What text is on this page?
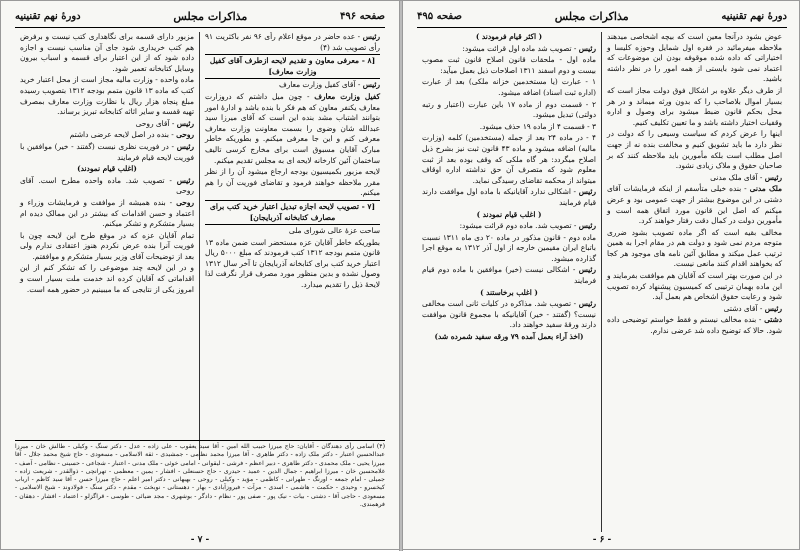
صفحه ۴۹۶
مذاکرات مجلس
دورهٔ نهم تقنینیه

رئیس - عده حاضر در موقع اعلام رأی ۹۶ نفر باکثریت ۹۱ رأی تصویب شد (۴)

[۸ - معرفی معاون و تقدیم لایحه ازطرف آقای کفیل وزارت معارف]

رئیس - آقای کفیل وزارت معارف

کفیل وزارت معارف - چون میل داشتم که دروزارت معارف یکنفر معاون که هم فکر با بنده باشد و ادارهٔ امور بتوانند اشتباب مشد بنده این است که آقای میرزا سید عبدالله شان وضوی را بسمت معاونت وزارت معارف معرفی کنم و این جا معرفی میکنم. و بطوریکه خاطر مبارک آقایان مسبوق است برای مخارج کرسی تالیف ساختمان آئین کارخانه لایحه ای به مجلس تقدیم میکنم.

لایحه مزبور بکمیسیون بودجه ارجاع میشود آن را از نظر مقرر ملاحظه خواهند فرمود و تقاضای فوریت آن را هم میکنم.

[۷ - تصویب لایحه اجازه تبدیل اعتبار خرید کتب برای مصارف کتابخانه آذربایجان]

ساحت عزهٔ عالی شورای ملی

بطوریکه خاطر آقایان عزه مستحضر است ضمن ماده ۱۳ قانون متمم بودجه ۱۳۱۲ کتب فرمودند که مبلغ ۵۰۰۰ ریال اعتبار خرید کتب برای کتابخانه آذربایجان تا آخر سال ۱۳۱۲ وصول نشده و بدین منظور مورد مصرف قرار نگرفت لذا لایحهٔ ذیل را تقدیم میدارد.

مزبور دارای قسمه برای نگاهداری کتب نیست و برفرض هم کتب خریداری شود جای آن مناسب نیست و اجازه داده شود که از این اعتبار برای قسمه و اسباب بیرون وسایل کتابخانه تعمیر شود.

ماده واحده - وزارت مالیه مجاز است از محل اعتبار خرید کتب که ماده ۱۳ قانون متمم بودجه ۱۳۱۲ بتصویب رسیده مبلغ پنجاه هزار ریال با نظارت وزارت معارف بمصرف تهیه قفسه و سایر اثاثه کتابخانه تبریز برساند.

رئیس - آقای روحی

روحی - بنده در اصل لایحه عرضی داشتم

رئیس - در فوریت نظری نیست (گفتند - خیر) موافقین با فوریت لایحه قیام فرمایند

(اغلب قیام نمودند)

رئیس - تصویب شد. ماده واحده مطرح است. آقای روحی

روحی - بنده همیشه از موافقت و فرمایشات وزراء و اعتماد و حسن اقدامات که بیشتر در این ممالک دیده ام بسیار متشکرم و تشکر میکنم.

تمام آقایان عزه که در موقع طرح این لایحه چون با فوریت آنرا بنده عرض نکردم هنوز اعتقادی ندارم ولی بعد از توضیحات آقای وزیر بسیار متشکرم و موافقتم.

و در این لایحه چند موضوعی را که تشکر کنم از این اقداماتی که آقایان کرده اند خدمت ملت بسیار است و امروز یکی از نتایجی که ما میبینیم در حضور همه است.

(۴) اسامی رأی دهندگان - آقایان: حاج میرزا حبیب الله امین - آقا سید یعقوب - علی زاده - عدل - دکتر سنگ - وکیلی - طالش خان - میرزا عبدالحسین اعتبار - دکتر ملک زاده - دکتر طاهری - آقا میرزا محمد نظامی - جمشیدی - ثقة الاسلامی - مسعودی - حاج شیخ محمد جلال - آقا میرزا یحیی - ملک محمدی - دکتر طاهری - دبیر اعظم - فرشی - لیقوانی - امامی خوئی - ملک مدنی - اعتبار - شجاعی - حسینی - نظامی - آصف - غلامحسین خان - میرزا ابراهیم - جمال الدین - عمید - حیدری - حاج حسنعلی - افشار - یمین - معظمی - تهرانچی - ذوالقدر - شریعت زاده - جمیلی - امام جمعه - اورنگ - طهرانی - کاظمی - مؤید - وکیلی - روحی - بهبهانی - دکتر امیر اعلم - حاج میرزا حسن - آقا سید کاظم - ارباب کیخسرو - وحیدی - حکمت - هاشمی - اسدی - مرآت - فیروزآبادی - بهار - دهستانی - نوبخت - مقدم - دکتر سنگ - فولادوند - شیخ الاسلامی - مسعودی - حاجی آقا - دشتی - بیات - نیک پور - صفی پور - نظام - دادگر - بوشهری - مجد ضیائی - طوسی - قراگزلو - اعتماد - افشار - دهقان - فرهمندی.
- ۷ -
دورهٔ نهم تقنینیه
مذاکرات مجلس
صفحه ۴۹۵

عوض بشود درآنجا معین است که بیچه اشخاصی میدهند ملاحظه میفرمائید در فقره اول شمایل وحوزه کلیسا و اختیاراتی که داده شده موقوفه بودن این موضوعات که اعتماد نمی شود بایستی از همه امور را در نظر داشته باشید.

از طرف دیگر علاوه بر اشکال فوق دولت مجاز است که بسیار اموال بلاصاحب را که بدون ورثه میماند و در هر محل بحکم قانون ضبط میشود برای وصول و اداره وقفیات اختیار داشته باشد و ما تعیین تکلیف کنیم.

اینها را عرض کردم که سیاست وسیعی را که دولت در نظر دارد ما باید تشویق کنیم و مخالفت بنده نه از جهت اصل مطلب است بلکه مأمورین باید ملاحظه کنند که بر صاحبان حقوق و ملاک زیادی نشود.

رئیس - آقای ملک مدنی

ملک مدنی - بنده خیلی متأسفم از اینکه فرمایشات آقای دشتی در این موضوع بیشتر از جهت عمومی بود و عرض میکنم که اصل این قانون مورد اتفاق همه است و مأمورین دولت در کمال دقت رفتار خواهند کرد.

مخالف بقیه است که اگر ماده تصویب بشود ضرری متوجه مردم نمی شود و دولت هم در مقام اجرا به همین ترتیب عمل میکند و مطابق آئین نامه های موجود هر کجا که بخواهند اقدام کنند مانعی نیست.

در این صورت بهتر است که آقایان هم موافقت بفرمایند و این ماده بهمان ترتیبی که کمیسیون پیشنهاد کرده تصویب شود و رعایت حقوق اشخاص هم بعمل آید.

رئیس - آقای دشتی

دشتی - بنده مخالف نیستم و فقط خواستم توضیحی داده شود. حالا که توضیح داده شد عرضی ندارم.

( اکثر قیام فرمودند )

رئیس - تصویب شد ماده اول قرائت میشود:

ماده اول - ملحقات قانون اصلاح قانون ثبت مصوب بیست و دوم اسفند ۱۳۱۱ اصلاحات ذیل بعمل میآید:

۱ - عبارت (یا مستخدمین خزانه ملکی) بعد از عبارت (اداره ثبت اسناد) اضافه میشود.

۲ - قسمت دوم از ماده ۱۷ باین عبارت (اعتبار و رتبه دولتی) تبدیل میشود.

۳ - قسمت ۴ از ماده ۱۹ حذف میشود.

۴ - در ماده ۲۴ بعد از جمله (مستخدمین) کلمه (وزارت مالیه) اضافه میشود و ماده ۴۳ قانون ثبت نیز بشرح ذیل اصلاح میگردد: هر گاه ملکی که وقف بوده بعد از ثبت معلوم شود که متصرف آن حق نداشته اداره اوقاف میتواند از محکمه تقاضای رسیدگی نماید.

رئیس - اشکالی ندارد آقایانیکه با ماده اول موافقت دارند قیام فرمایند

( اغلب قیام نمودند )

رئیس - تصویب شد. ماده دوم قرائت میشود:

ماده دوم - قانون مذکور در ماده ۲۰ دی ماه ۱۳۱۱ نسبت باتباع ایران مقیمین خارجه از اول آذر ۱۳۱۲ به موقع اجرا گذارده میشود.

رئیس - اشکالی نیست (خیر) موافقین با ماده دوم قیام فرمایند

( اغلب برخاستند )

رئیس - تصویب شد. مذاکره در کلیات ثانی است مخالفی نیست؟ (گفتند - خیر) آقایانیکه با مجموع قانون موافقت دارند ورقهٔ سفید خواهند داد.

(اخذ آراء بعمل آمده ۷۹ ورقه سفید شمرده شد)

- ۶ -
